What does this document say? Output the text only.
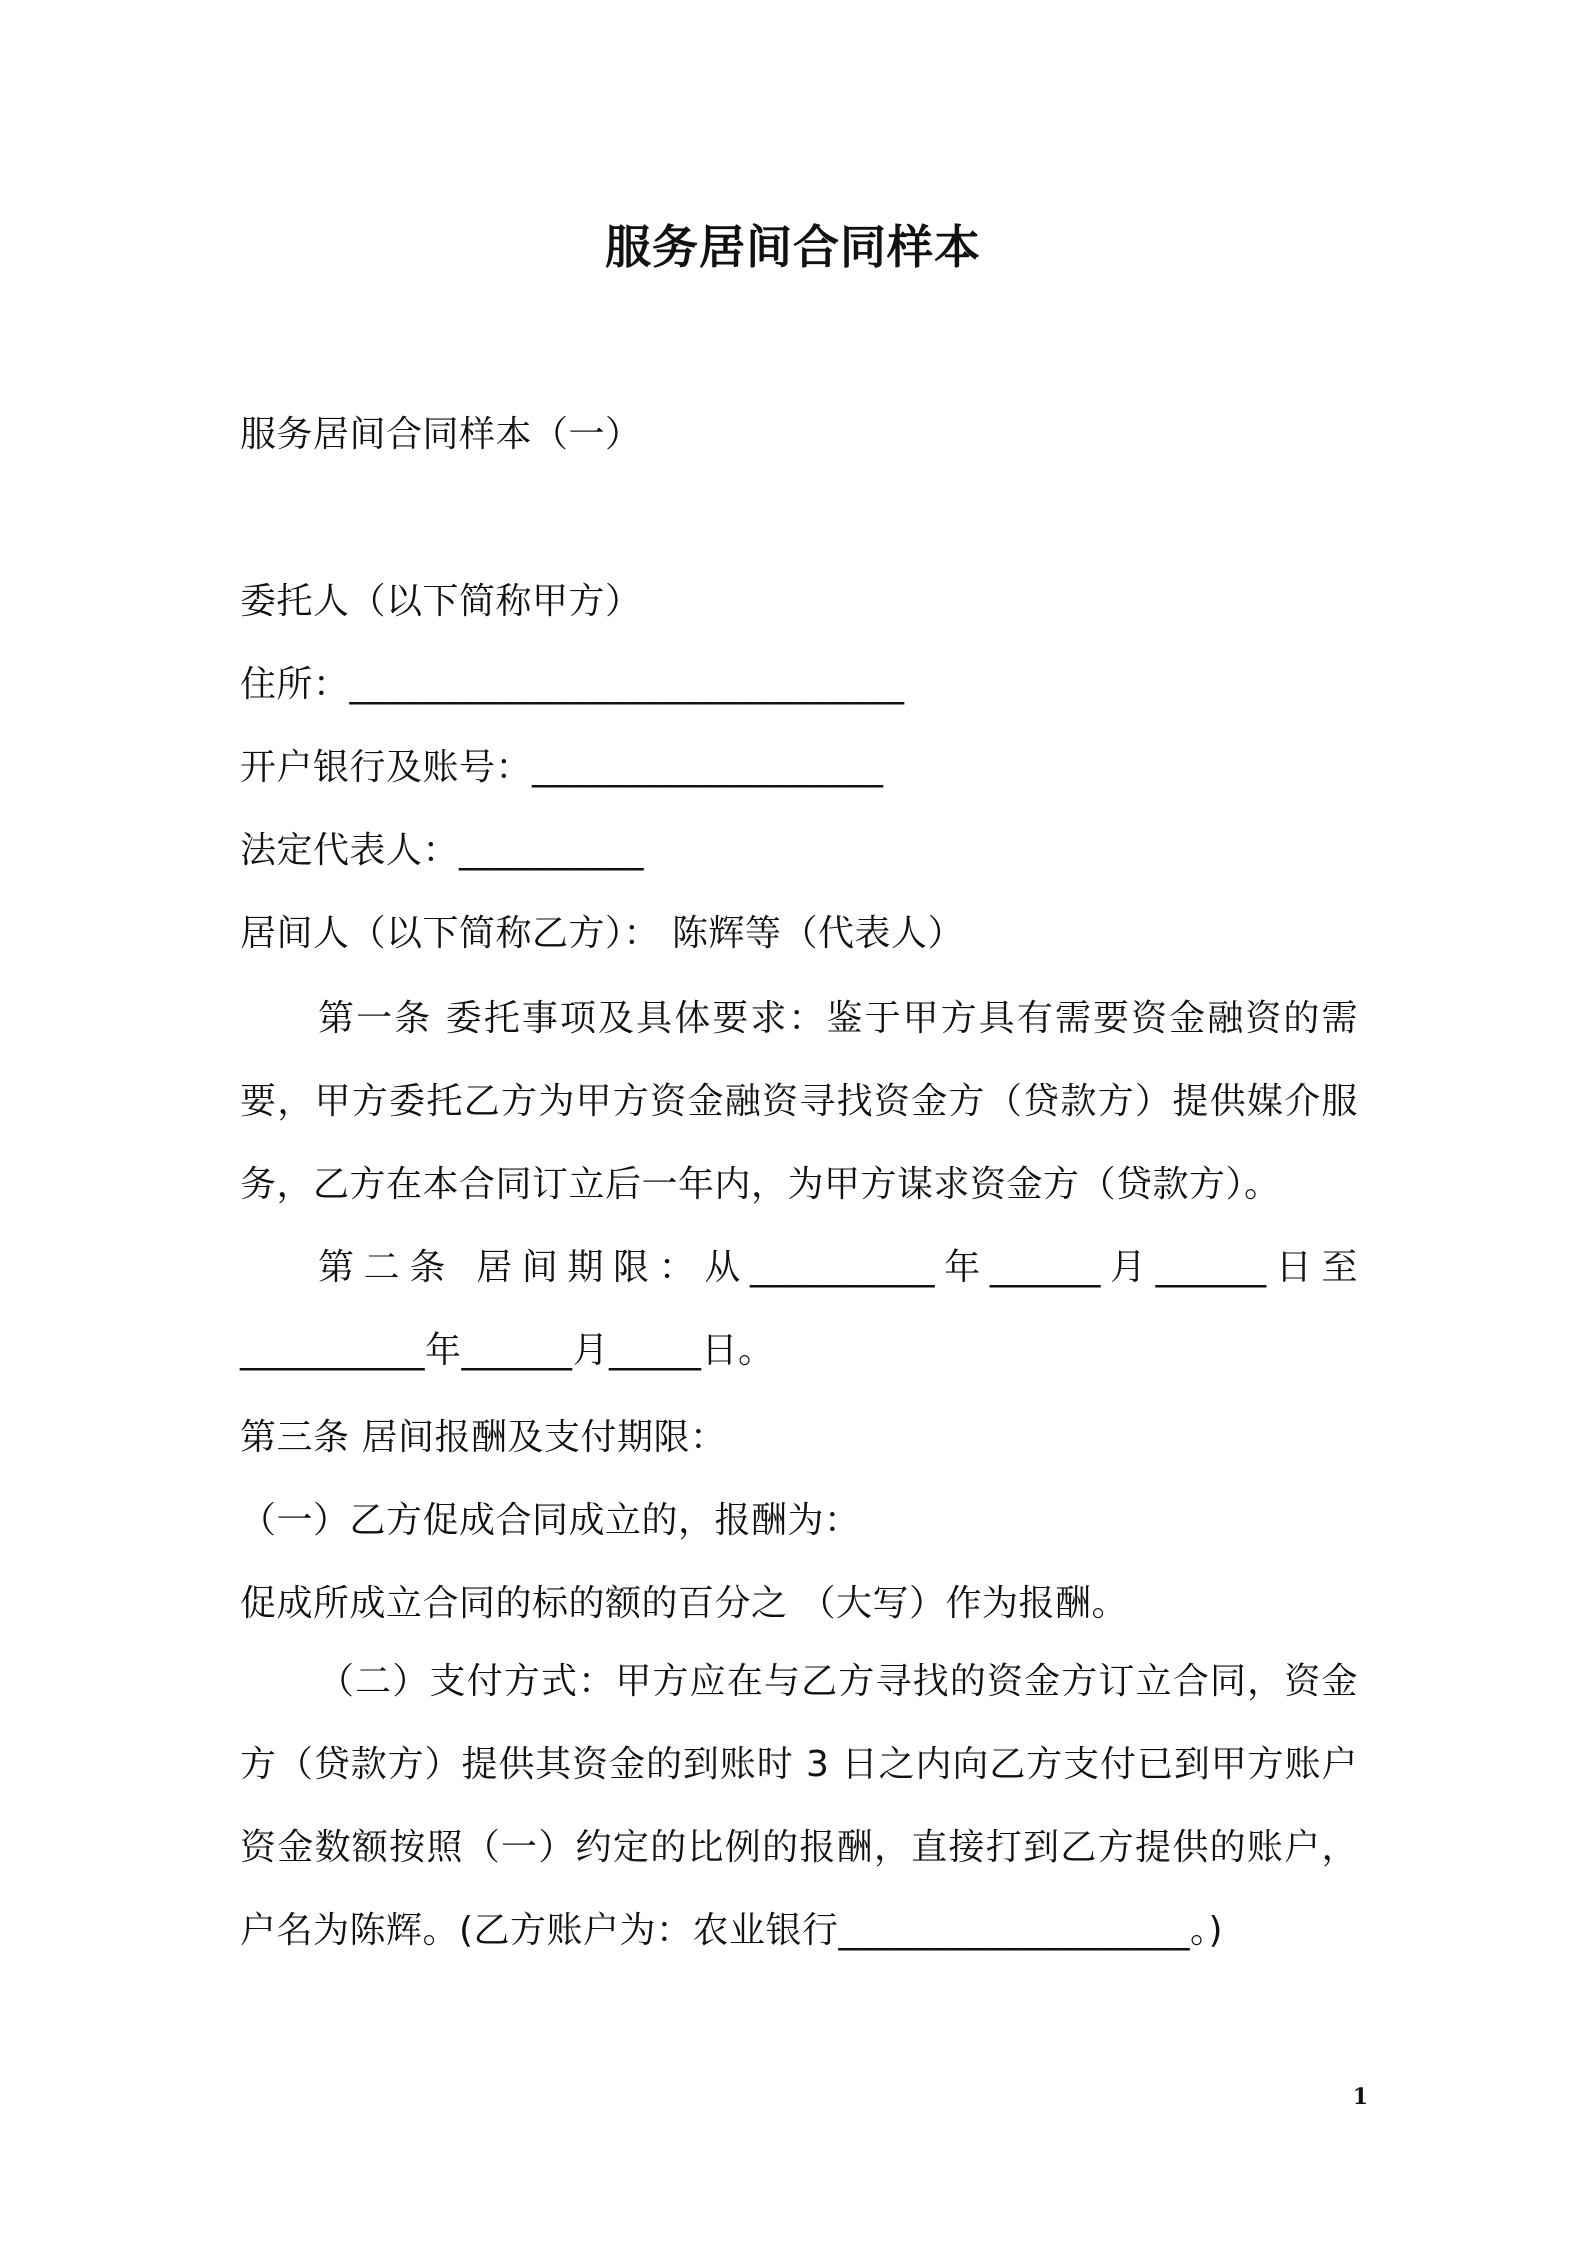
服务居间合同样本
服务居间合同样本（一）
委托人（以下简称甲方）
住所：______________________________
开户银行及账号：___________________
法定代表人：__________
居间人（以下简称乙方）： 陈辉等（代表人）
第一条 委托事项及具体要求：鉴于甲方具有需要资金融资的需要，甲方委托乙方为甲方资金融资寻找资金方（贷款方）提供媒介服务，乙方在本合同订立后一年内，为甲方谋求资金方（贷款方）。
第二条 居间期限：从__________年______月______日至__________年______月_____日。
第三条 居间报酬及支付期限：
（一）乙方促成合同成立的，报酬为：
促成所成立合同的标的额的百分之 （大写）作为报酬。
（二）支付方式：甲方应在与乙方寻找的资金方订立合同，资金方（贷款方）提供其资金的到账时 3 日之内向乙方支付已到甲方账户资金数额按照（一）约定的比例的报酬，直接打到乙方提供的账户，户名为陈辉。(乙方账户为：农业银行___________________。)
1
